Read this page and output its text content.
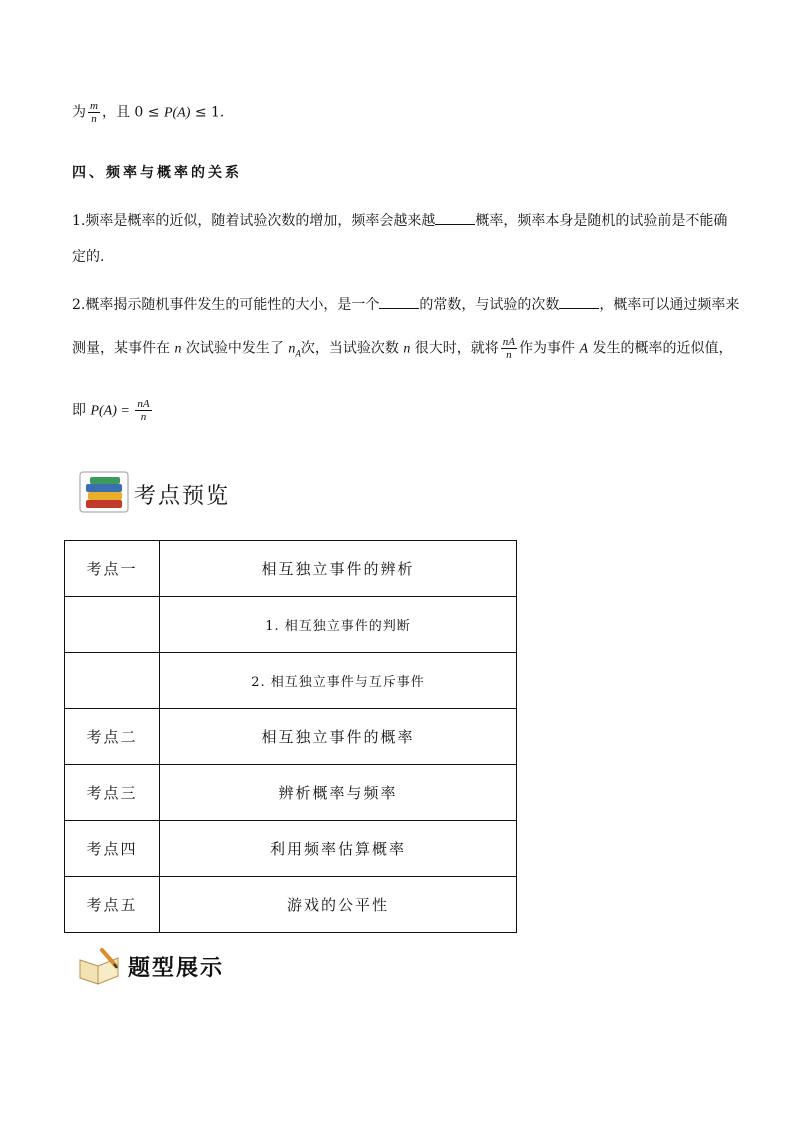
为 $\frac{m}{n}$ ，且 0 ≤ P(A) ≤ 1.
四、频率与概率的关系
1.频率是概率的近似，随着试验次数的增加，频率会越来越	概率，频率本身是随机的试验前是不能确
定的.
2.概率揭示随机事件发生的可能性的大小，是一个	的常数，与试验的次数	，概率可以通过频率来
测量，某事件在 n 次试验中发生了 $n_A$次，当试验次数 n 很大时，就将 $\frac{nA}{n}$ 作为事件 A 发生的概率的近似值，
即 $P(A) = \frac{nA}{n}$
考点预览
考点一	相互独立事件的辨析
	1. 相互独立事件的判断
	2. 相互独立事件与互斥事件
考点二	相互独立事件的概率
考点三	辨析概率与频率
考点四	利用频率估算概率
考点五	游戏的公平性
题型展示
